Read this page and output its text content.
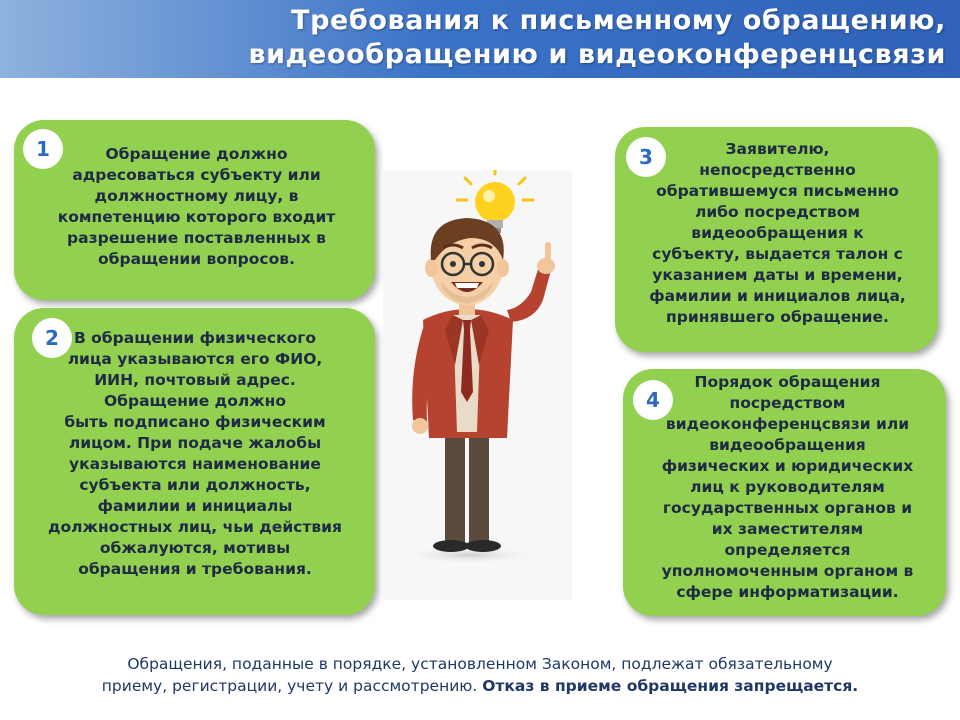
Требования к письменному обращению,
видеообращению и видеоконференцсвязи
1	Обращение должно
адресоваться субъекту или
должностному лицу, в
компетенцию которого входит
разрешение поставленных в
обращении вопросов.
2 В обращении физического
лица указываются его ФИО,
ИИН, почтовый адрес.
Обращение должно
быть подписано физическим
лицом. При подаче жалобы
указываются наименование
субъекта или должность,
фамилии и инициалы
должностных лиц, чьи действия
обжалуются, мотивы
обращения и требования.
3	Заявителю,
непосредственно
обратившемуся письменно
либо посредством
видеообращения к
субъекту, выдается талон с
указанием даты и времени,
фамилии и инициалов лица,
принявшего обращение.
4
Порядок обращения
посредством
видеоконференцсвязи или
видеообращения
физических и юридических
лиц к руководителям
государственных органов и
их заместителям
определяется
уполномоченным органом в
сфере информатизации.
Обращения, поданные в порядке, установленном Законом, подлежат обязательному
приему, регистрации, учету и рассмотрению. Отказ в приеме обращения запрещается.
